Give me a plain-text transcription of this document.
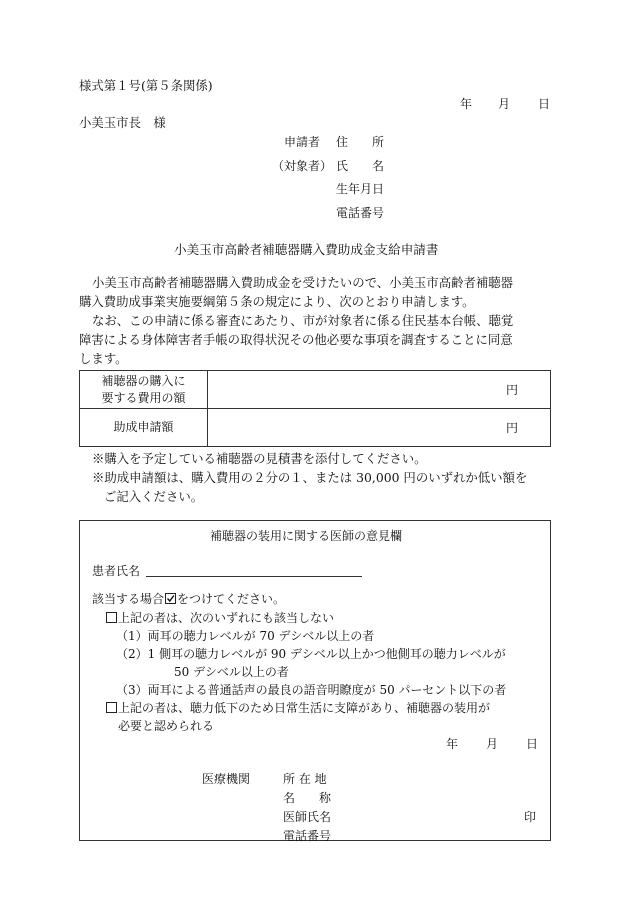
様式第１号(第５条関係)
年 月 日
小美玉市長　様
申請者 住　　所
（対象者） 氏　　名
生年月日
電話番号
小美玉市高齢者補聴器購入費助成金支給申請書
小美玉市高齢者補聴器購入費助成金を受けたいので、小美玉市高齢者補聴器
購入費助成事業実施要綱第５条の規定により、次のとおり申請します。
なお、この申請に係る審査にあたり、市が対象者に係る住民基本台帳、聴覚
障害による身体障害者手帳の取得状況その他必要な事項を調査することに同意
します。
補聴器の購入に
要する費用の額	円
助成申請額	円
※購入を予定している補聴器の見積書を添付してください。
※助成申請額は、購入費用の２分の１、または 30,000 円のいずれか低い額を
ご記入ください。
補聴器の装用に関する医師の意見欄
患者氏名
該当する場合 をつけてください。
上記の者は、次のいずれにも該当しない
（1）両耳の聴力レベルが 70 デシベル以上の者
（2）1 側耳の聴力レベルが 90 デシベル以上かつ他側耳の聴力レベルが
50 デシベル以上の者
（3）両耳による普通話声の最良の語音明瞭度が 50 パーセント以下の者
上記の者は、聴力低下のため日常生活に支障があり、補聴器の装用が
必要と認められる
年 月 日
医療機関	所 在 地
名　　称
医師氏名	印
電話番号
